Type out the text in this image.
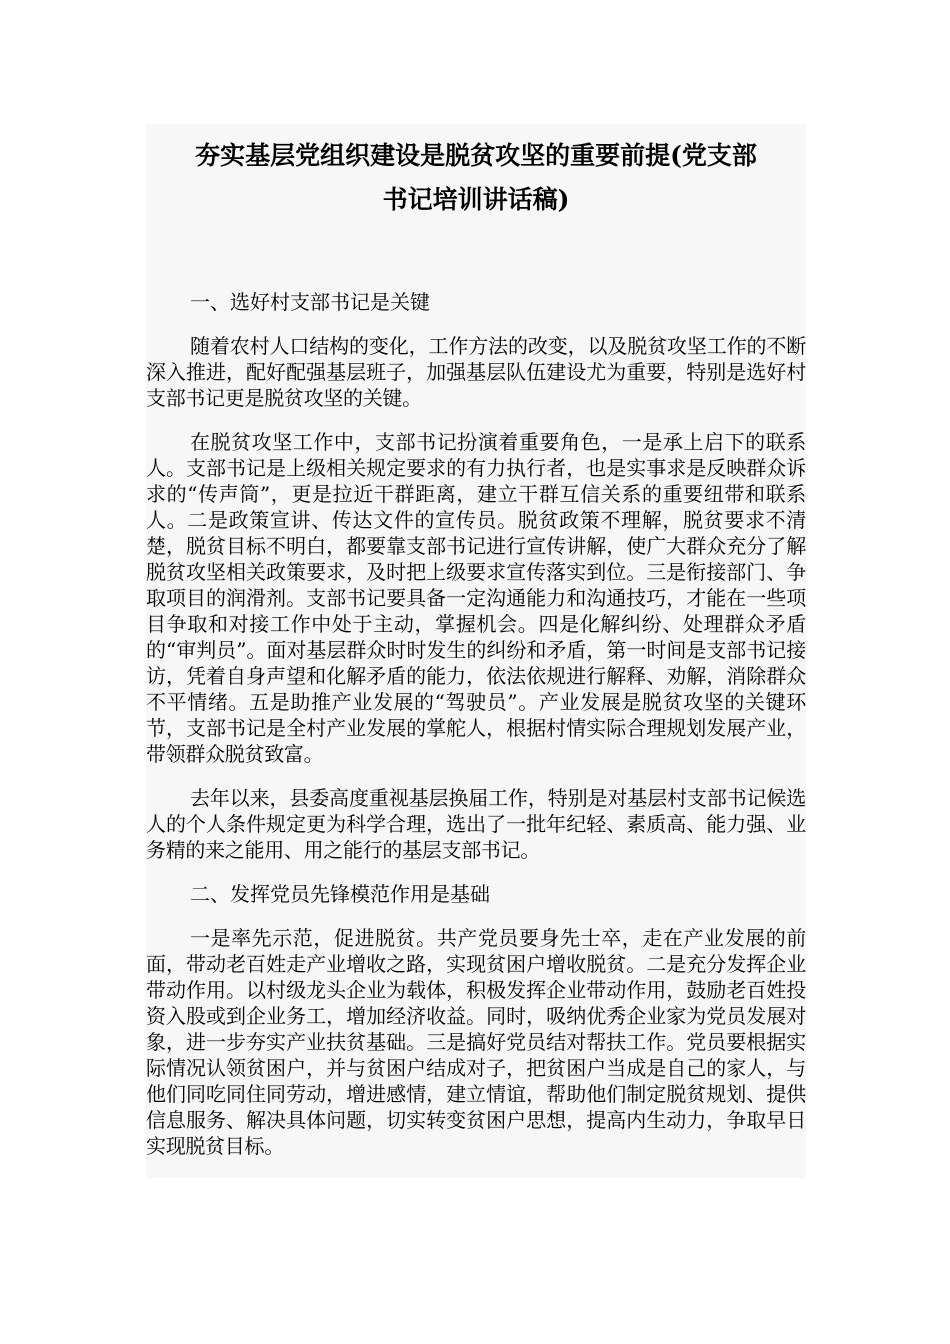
夯实基层党组织建设是脱贫攻坚的重要前提(党支部
书记培训讲话稿)

一、选好村支部书记是关键

随着农村人口结构的变化，工作方法的改变，以及脱贫攻坚工作的不断深入推进，配好配强基层班子，加强基层队伍建设尤为重要，特别是选好村支部书记更是脱贫攻坚的关键。

在脱贫攻坚工作中，支部书记扮演着重要角色，一是承上启下的联系人。支部书记是上级相关规定要求的有力执行者，也是实事求是反映群众诉求的“传声筒”，更是拉近干群距离，建立干群互信关系的重要纽带和联系人。二是政策宣讲、传达文件的宣传员。脱贫政策不理解，脱贫要求不清楚，脱贫目标不明白，都要靠支部书记进行宣传讲解，使广大群众充分了解脱贫攻坚相关政策要求，及时把上级要求宣传落实到位。三是衔接部门、争取项目的润滑剂。支部书记要具备一定沟通能力和沟通技巧，才能在一些项目争取和对接工作中处于主动，掌握机会。四是化解纠纷、处理群众矛盾的“审判员”。面对基层群众时时发生的纠纷和矛盾，第一时间是支部书记接访，凭着自身声望和化解矛盾的能力，依法依规进行解释、劝解，消除群众不平情绪。五是助推产业发展的“驾驶员”。产业发展是脱贫攻坚的关键环节，支部书记是全村产业发展的掌舵人，根据村情实际合理规划发展产业，带领群众脱贫致富。

去年以来，县委高度重视基层换届工作，特别是对基层村支部书记候选人的个人条件规定更为科学合理，选出了一批年纪轻、素质高、能力强、业务精的来之能用、用之能行的基层支部书记。

二、发挥党员先锋模范作用是基础

一是率先示范，促进脱贫。共产党员要身先士卒，走在产业发展的前面，带动老百姓走产业增收之路，实现贫困户增收脱贫。二是充分发挥企业带动作用。以村级龙头企业为载体，积极发挥企业带动作用，鼓励老百姓投资入股或到企业务工，增加经济收益。同时，吸纳优秀企业家为党员发展对象，进一步夯实产业扶贫基础。三是搞好党员结对帮扶工作。党员要根据实际情况认领贫困户，并与贫困户结成对子，把贫困户当成是自己的家人，与他们同吃同住同劳动，增进感情，建立情谊，帮助他们制定脱贫规划、提供信息服务、解决具体问题，切实转变贫困户思想，提高内生动力，争取早日实现脱贫目标。
